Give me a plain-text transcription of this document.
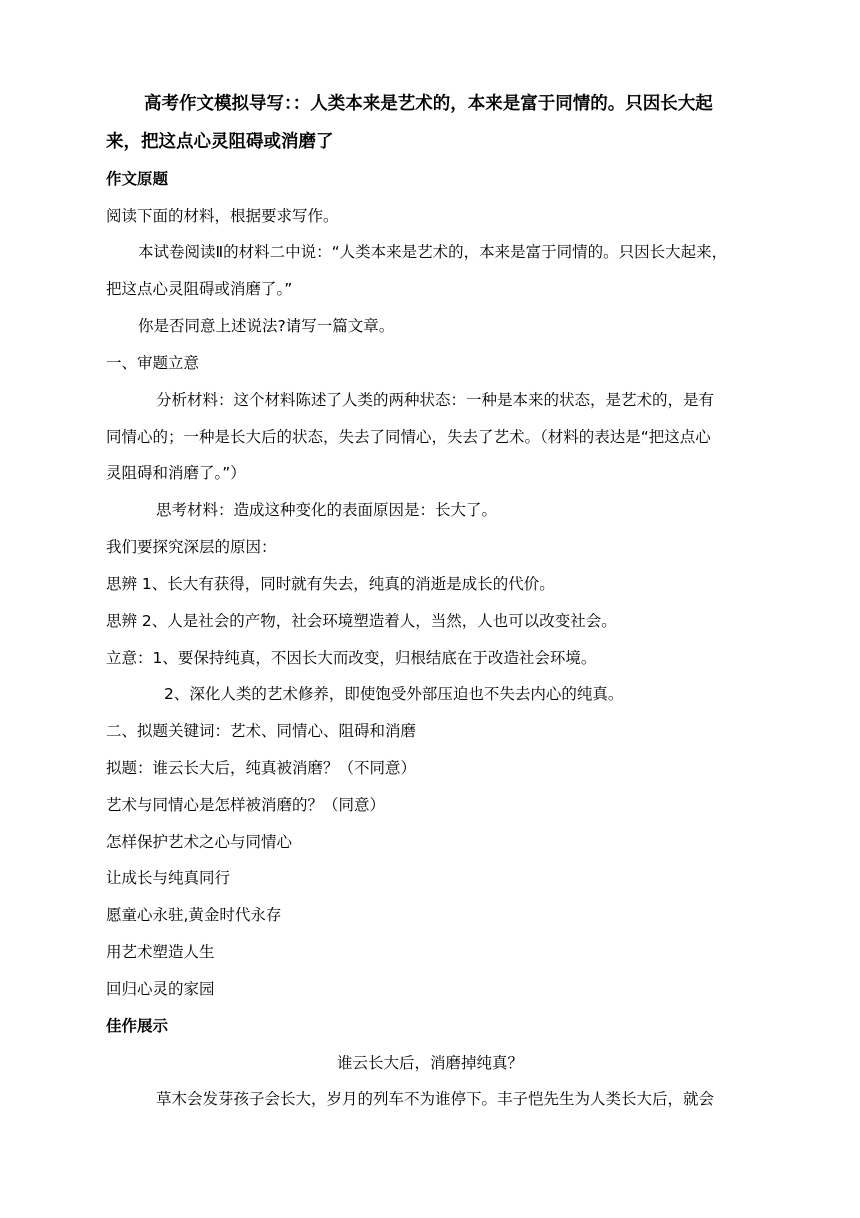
高考作文模拟导写：：人类本来是艺术的，本来是富于同情的。只因长大起
来，把这点心灵阻碍或消磨了
作文原题
阅读下面的材料，根据要求写作。
本试卷阅读Ⅱ的材料二中说：“人类本来是艺术的，本来是富于同情的。只因长大起来，
把这点心灵阻碍或消磨了。”
你是否同意上述说法?请写一篇文章。
一、审题立意
分析材料：这个材料陈述了人类的两种状态：一种是本来的状态，是艺术的，是有
同情心的；一种是长大后的状态，失去了同情心，失去了艺术。（材料的表达是“把这点心
灵阻碍和消磨了。”）
思考材料：造成这种变化的表面原因是：长大了。
我们要探究深层的原因：
思辨 1、长大有获得，同时就有失去，纯真的消逝是成长的代价。
思辨 2、人是社会的产物，社会环境塑造着人，当然，人也可以改变社会。
立意：1、要保持纯真，不因长大而改变，归根结底在于改造社会环境。
2、深化人类的艺术修养，即使饱受外部压迫也不失去内心的纯真。
二、拟题关键词：艺术、同情心、阻碍和消磨
拟题：谁云长大后，纯真被消磨？（不同意）
艺术与同情心是怎样被消磨的？（同意）
怎样保护艺术之心与同情心
让成长与纯真同行
愿童心永驻,黄金时代永存
用艺术塑造人生
回归心灵的家园
佳作展示
谁云长大后，消磨掉纯真？
草木会发芽孩子会长大，岁月的列车不为谁停下。丰子恺先生为人类长大后，就会
